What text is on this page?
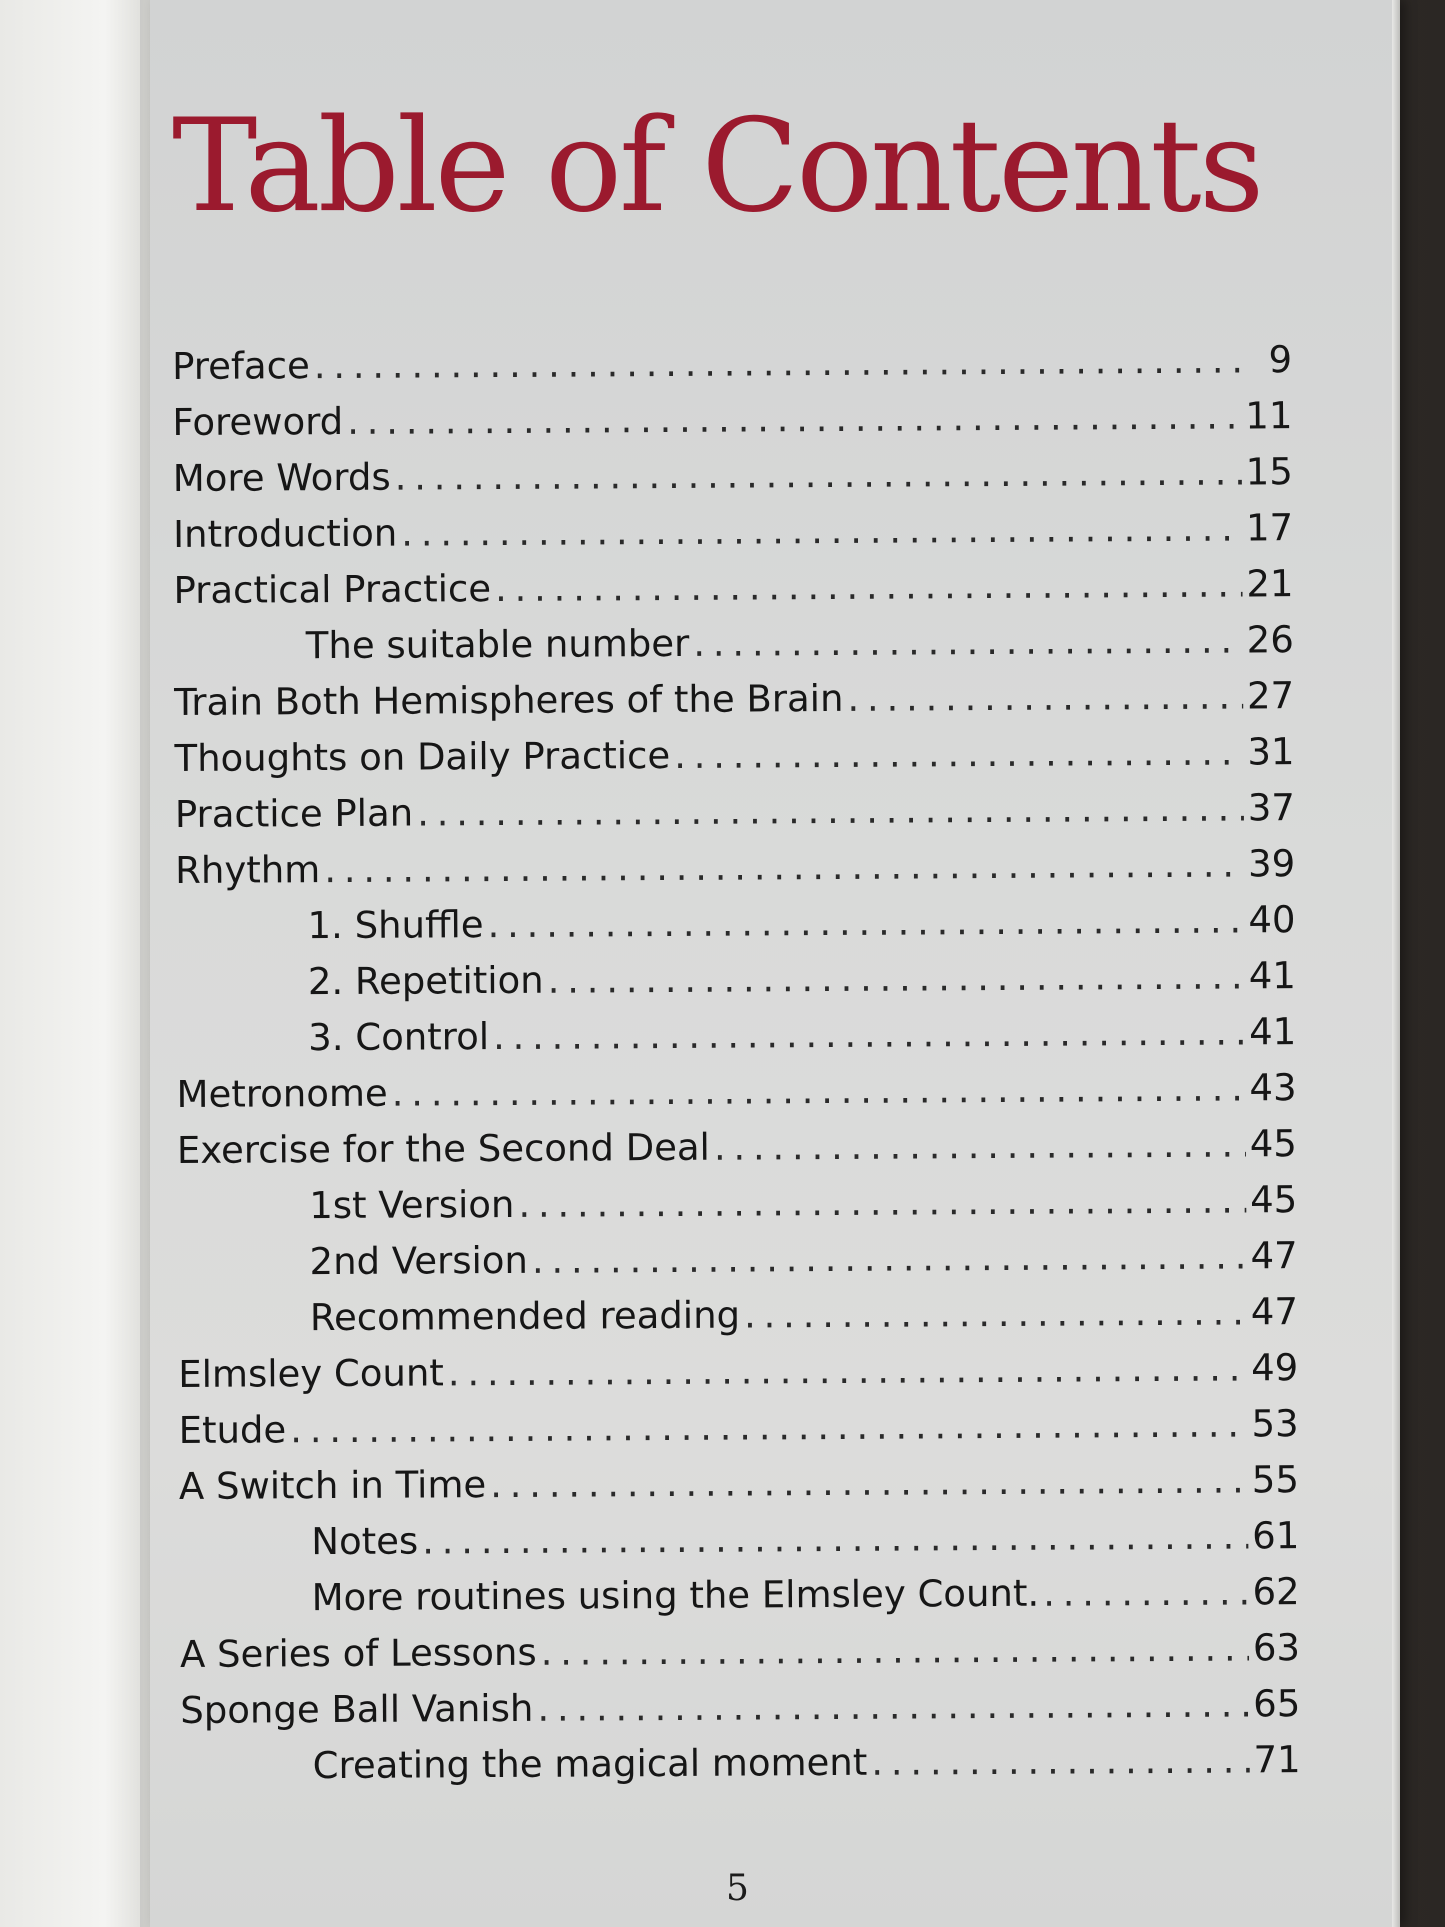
Table of Contents
Preface . . .	9
Foreword . . .	11
More Words . . .	15
Introduction . . .	17
Practical Practice . . .	21
The suitable number . . .	26
Train Both Hemispheres of the Brain . . .	27
Thoughts on Daily Practice . . .	31
Practice Plan . . .	37
Rhythm . . .	39
1. Shuffle . . .	40
2. Repetition . . .	41
3. Control . . .	41
Metronome . . .	43
Exercise for the Second Deal . . .	45
1st Version . . .	45
2nd Version . . .	47
Recommended reading . . .	47
Elmsley Count . . .	49
Etude . . .	53
A Switch in Time . . .	55
Notes . . .	61
More routines using the Elmsley Count. . . .	62
A Series of Lessons . . .	63
Sponge Ball Vanish . . .	65
Creating the magical moment . . .	71
5
